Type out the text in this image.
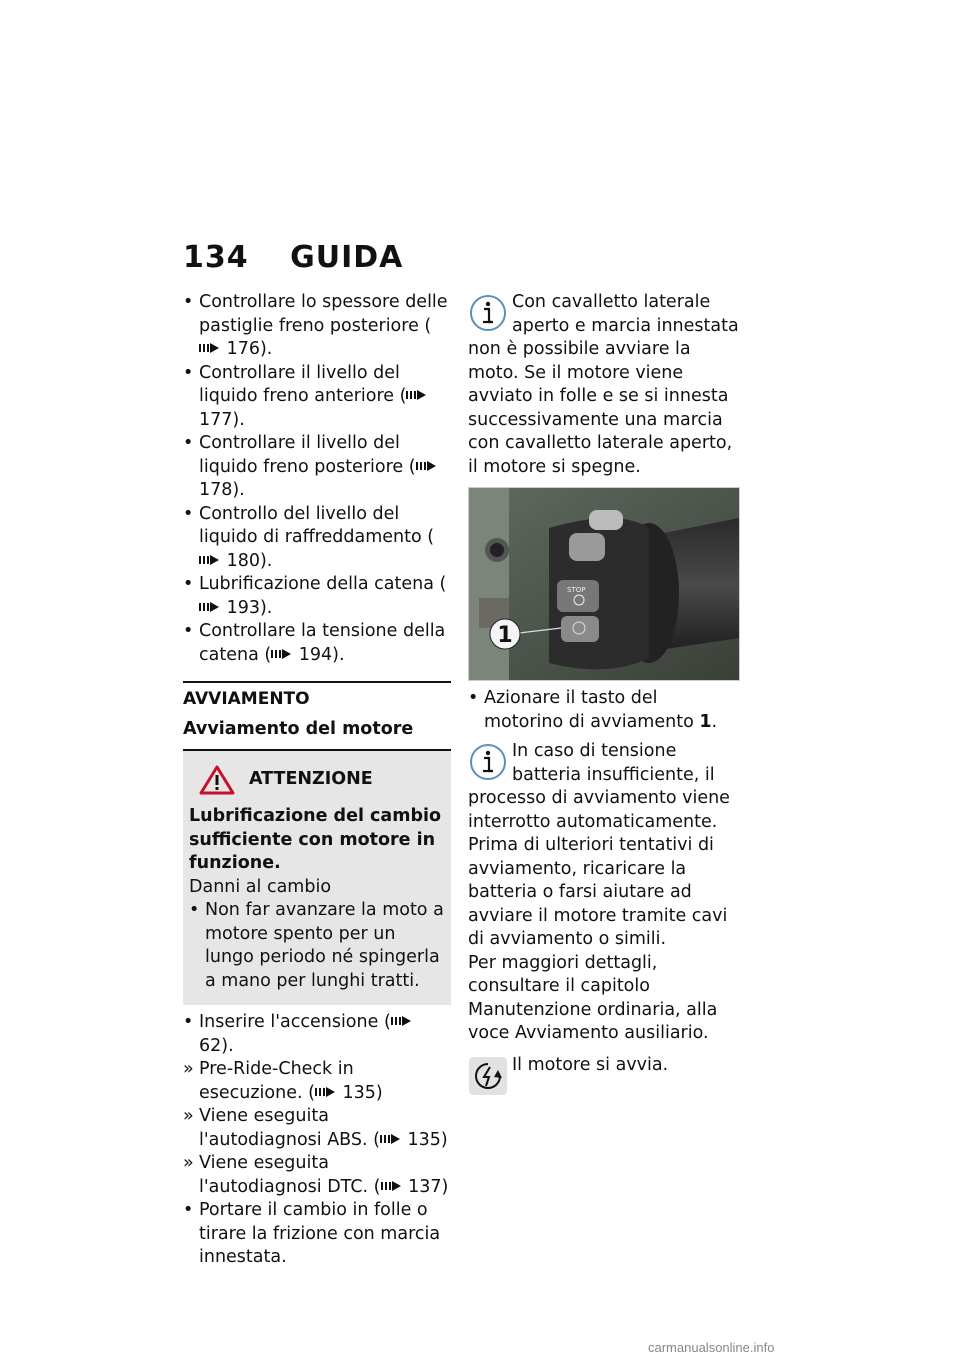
134 GUIDA
• Controllare lo spessore delle pastiglie freno posteriore ( 176).
• Controllare il livello del liquido freno anteriore ( 177).
• Controllare il livello del liquido freno posteriore ( 178).
• Controllo del livello del liquido di raffreddamento ( 180).
• Lubrificazione della catena ( 193).
• Controllare la tensione della catena ( 194).
AVVIAMENTO
Avviamento del motore
ATTENZIONE
Lubrificazione del cambio sufficiente con motore in funzione.
Danni al cambio
• Non far avanzare la moto a motore spento per un lungo periodo né spingerla a mano per lunghi tratti.
• Inserire l'accensione ( 62).
» Pre-Ride-Check in esecuzione. ( 135)
» Viene eseguita l'autodiagnosi ABS. ( 135)
» Viene eseguita l'autodiagnosi DTC. ( 137)
• Portare il cambio in folle o tirare la frizione con marcia innestata.
Con cavalletto laterale aperto e marcia innestata non è possibile avviare la moto. Se il motore viene avviato in folle e se si innesta successivamente una marcia con cavalletto laterale aperto, il motore si spegne.
STOP
1
• Azionare il tasto del motorino di avviamento 1.
In caso di tensione batteria insufficiente, il processo di avviamento viene interrotto automaticamente. Prima di ulteriori tentativi di avviamento, ricaricare la batteria o farsi aiutare ad avviare il motore tramite cavi di avviamento o simili.
Per maggiori dettagli, consultare il capitolo Manutenzione ordinaria, alla voce Avviamento ausiliario.
Il motore si avvia.
carmanualsonline.info
